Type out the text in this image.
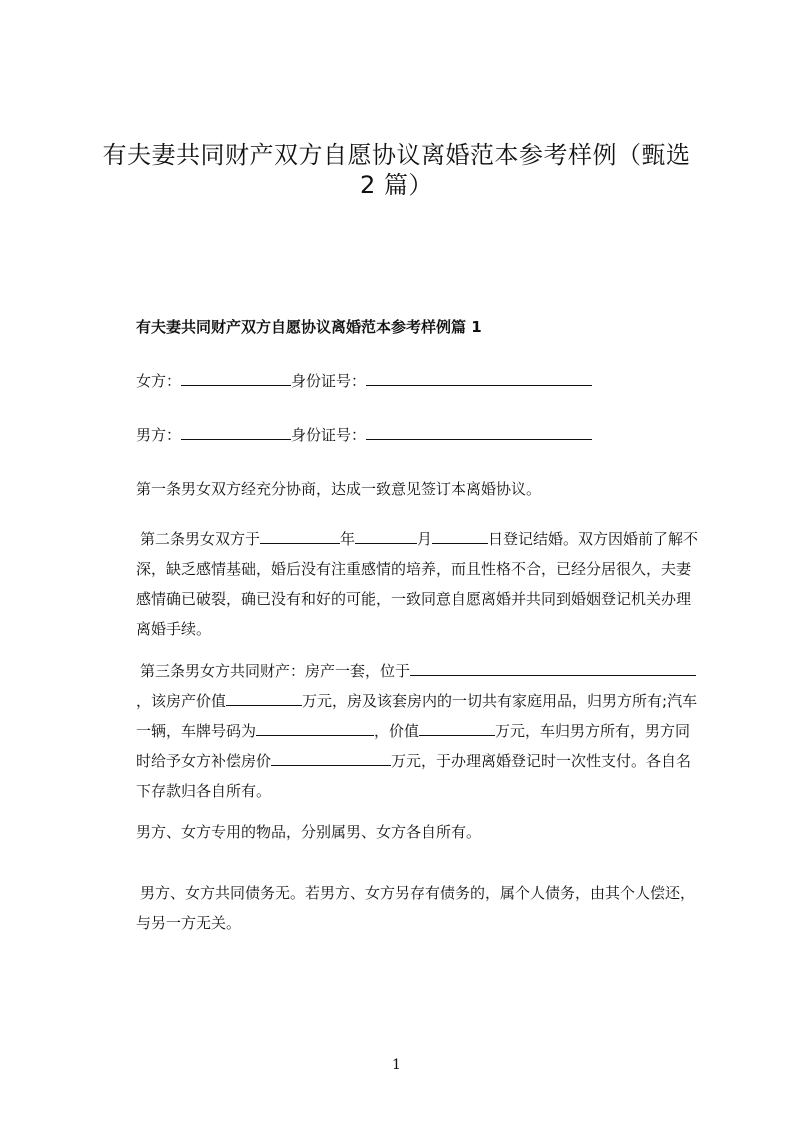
有夫妻共同财产双方自愿协议离婚范本参考样例（甄选
2 篇）
有夫妻共同财产双方自愿协议离婚范本参考样例篇 1
女方：	身份证号：
男方：	身份证号：
第一条男女双方经充分协商，达成一致意见签订本离婚协议。
第二条男女双方于	年	月	日登记结婚。双方因婚前了解不深，缺乏感情基础，婚后没有注重感情的培养，而且性格不合，已经分居很久，夫妻感情确已破裂，确已没有和好的可能，一致同意自愿离婚并共同到婚姻登记机关办理离婚手续。
第三条男女方共同财产：房产一套，位于，该房产价值	万元，房及该套房内的一切共有家庭用品，归男方所有;汽车一辆，车牌号码为	，价值	万元，车归男方所有，男方同时给予女方补偿房价	万元，于办理离婚登记时一次性支付。各自名下存款归各自所有。
男方、女方专用的物品，分别属男、女方各自所有。
男方、女方共同债务无。若男方、女方另存有债务的，属个人债务，由其个人偿还，与另一方无关。
1
